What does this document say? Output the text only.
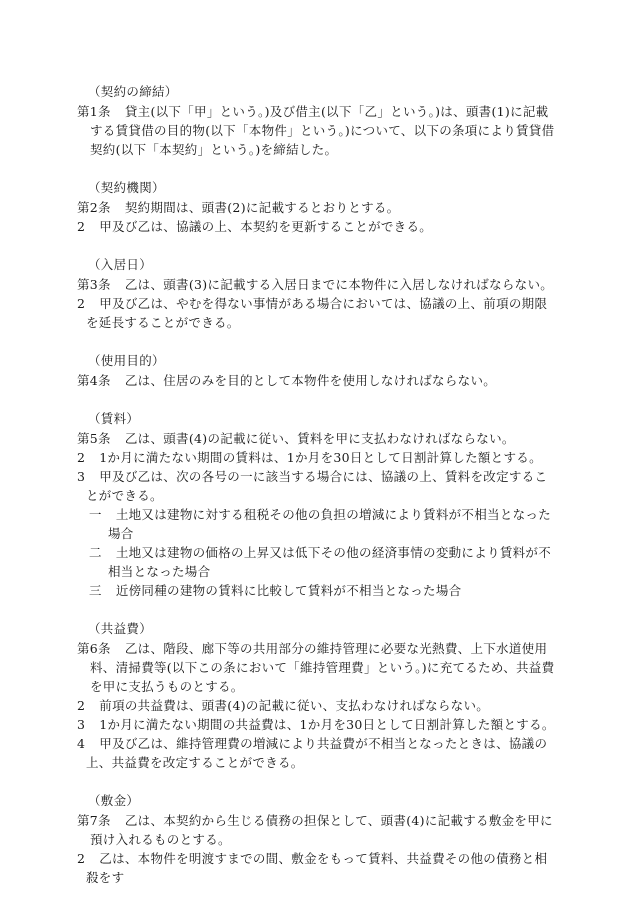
（契約の締結）
第1条 貸主(以下「甲」という。)及び借主(以下「乙」という。)は、頭書(1)に記載する賃貸借の目的物(以下「本物件」という。)について、以下の条項により賃貸借契約(以下「本契約」という。)を締結した。
（契約機関）
第2条 契約期間は、頭書(2)に記載するとおりとする。
2 甲及び乙は、協議の上、本契約を更新することができる。
（入居日）
第3条 乙は、頭書(3)に記載する入居日までに本物件に入居しなければならない。
2 甲及び乙は、やむを得ない事情がある場合においては、協議の上、前項の期限を延長することができる。
（使用目的）
第4条 乙は、住居のみを目的として本物件を使用しなければならない。
（賃料）
第5条 乙は、頭書(4)の記載に従い、賃料を甲に支払わなければならない。
2 1か月に満たない期間の賃料は、1か月を30日として日割計算した額とする。
3 甲及び乙は、次の各号の一に該当する場合には、協議の上、賃料を改定することができる。
一 土地又は建物に対する租税その他の負担の増減により賃料が不相当となった場合
二 土地又は建物の価格の上昇又は低下その他の経済事情の変動により賃料が不相当となった場合
三 近傍同種の建物の賃料に比較して賃料が不相当となった場合
（共益費）
第6条 乙は、階段、廊下等の共用部分の維持管理に必要な光熱費、上下水道使用料、清掃費等(以下この条において「維持管理費」という。)に充てるため、共益費を甲に支払うものとする。
2 前項の共益費は、頭書(4)の記載に従い、支払わなければならない。
3 1か月に満たない期間の共益費は、1か月を30日として日割計算した額とする。
4 甲及び乙は、維持管理費の増減により共益費が不相当となったときは、協議の上、共益費を改定することができる。
（敷金）
第7条 乙は、本契約から生じる債務の担保として、頭書(4)に記載する敷金を甲に預け入れるものとする。
2 乙は、本物件を明渡すまでの間、敷金をもって賃料、共益費その他の債務と相殺をす
